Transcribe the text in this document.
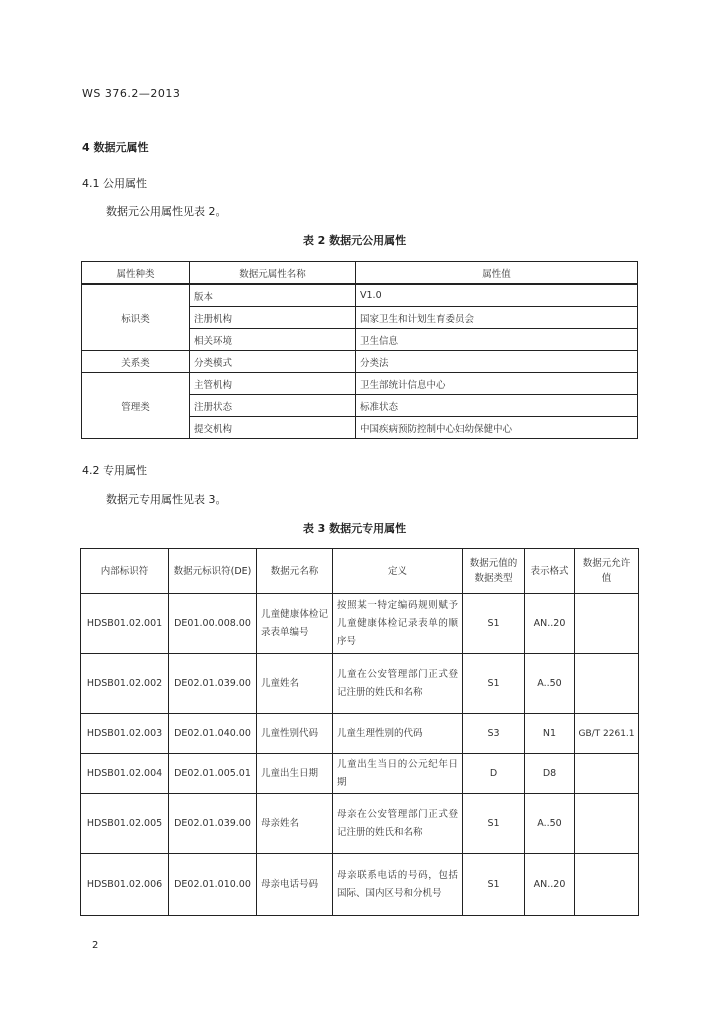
WS 376.2—2013
4 数据元属性
4.1 公用属性
数据元公用属性见表 2。
表 2 数据元公用属性
属性种类	数据元属性名称	属性值
标识类	版本	V1.0
	注册机构	国家卫生和计划生育委员会
	相关环境	卫生信息
关系类	分类模式	分类法
管理类	主管机构	卫生部统计信息中心
	注册状态	标准状态
	提交机构	中国疾病预防控制中心妇幼保健中心
4.2 专用属性
数据元专用属性见表 3。
表 3 数据元专用属性
内部标识符	数据元标识符(DE)	数据元名称	定义	数据元值的数据类型	表示格式	数据元允许值
HDSB01.02.001	DE01.00.008.00	儿童健康体检记录表单编号	按照某一特定编码规则赋予儿童健康体检记录表单的顺序号	S1	AN..20	
HDSB01.02.002	DE02.01.039.00	儿童姓名	儿童在公安管理部门正式登记注册的姓氏和名称	S1	A..50	
HDSB01.02.003	DE02.01.040.00	儿童性别代码	儿童生理性别的代码	S3	N1	GB/T 2261.1
HDSB01.02.004	DE02.01.005.01	儿童出生日期	儿童出生当日的公元纪年日期	D	D8	
HDSB01.02.005	DE02.01.039.00	母亲姓名	母亲在公安管理部门正式登记注册的姓氏和名称	S1	A..50	
HDSB01.02.006	DE02.01.010.00	母亲电话号码	母亲联系电话的号码，包括国际、国内区号和分机号	S1	AN..20	
2
